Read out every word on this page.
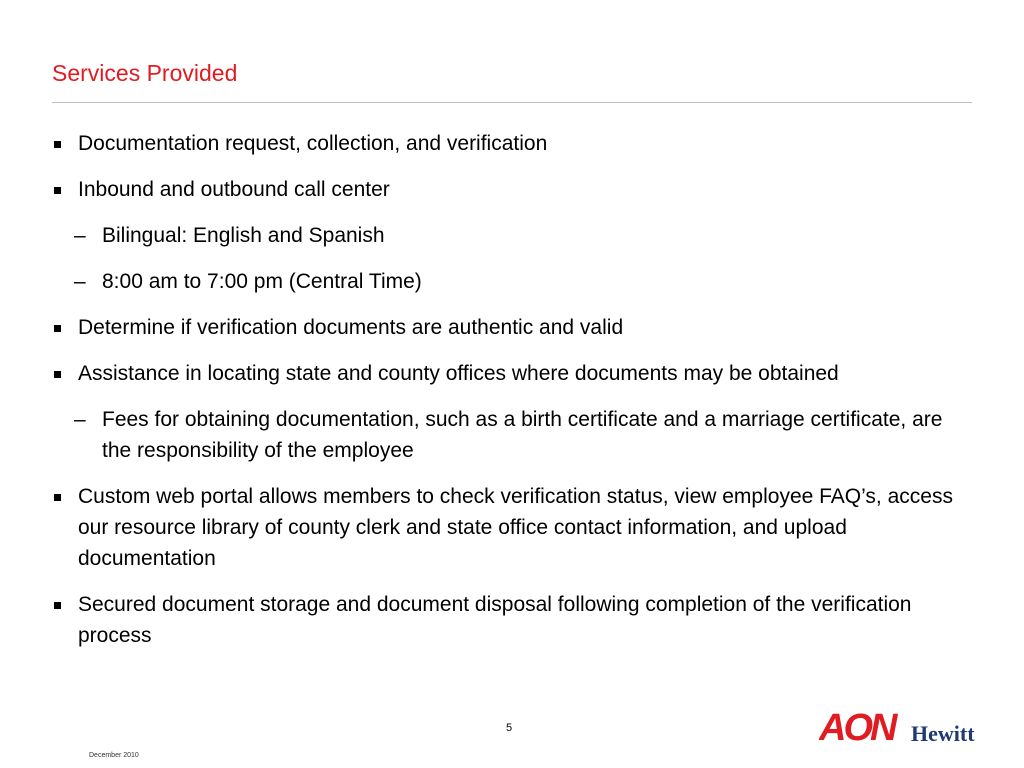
Services Provided
Documentation request, collection, and verification
Inbound and outbound call center
– Bilingual: English and Spanish
– 8:00 am to 7:00 pm (Central Time)
Determine if verification documents are authentic and valid
Assistance in locating state and county offices where documents may be obtained
– Fees for obtaining documentation, such as a birth certificate and a marriage certificate, are the responsibility of the employee
Custom web portal allows members to check verification status, view employee FAQ’s, access our resource library of county clerk and state office contact information, and upload documentation
Secured document storage and document disposal following completion of the verification process
5
December 2010
AON Hewitt
